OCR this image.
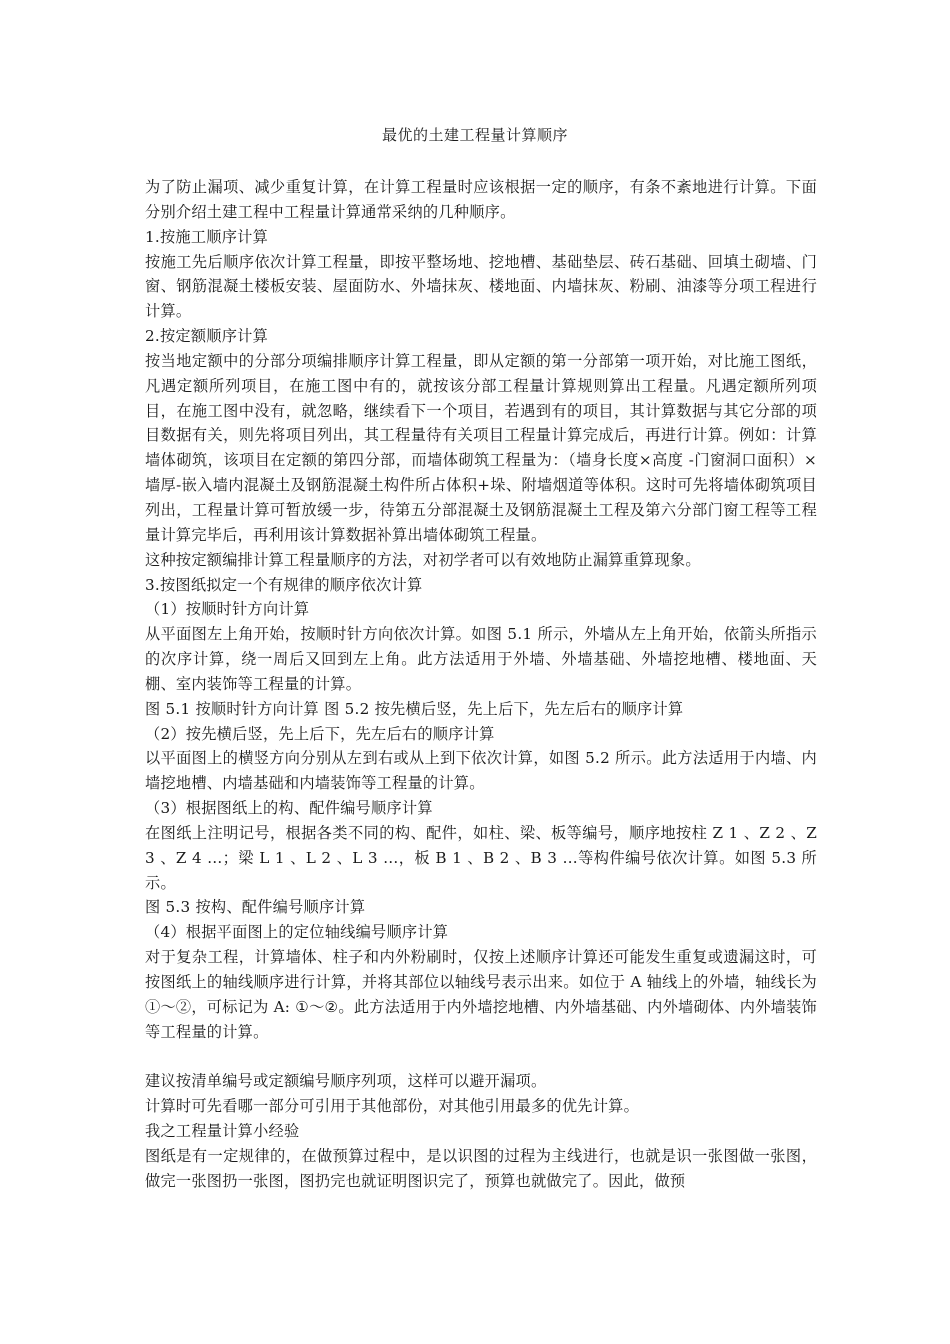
最优的土建工程量计算顺序

为了防止漏项、减少重复计算，在计算工程量时应该根据一定的顺序，有条不紊地进行计算。下面分别介绍土建工程中工程量计算通常采纳的几种顺序。

1.按施工顺序计算

按施工先后顺序依次计算工程量，即按平整场地、挖地槽、基础垫层、砖石基础、回填土砌墙、门窗、钢筋混凝土楼板安装、屋面防水、外墙抹灰、楼地面、内墙抹灰、粉刷、油漆等分项工程进行计算。

2.按定额顺序计算

按当地定额中的分部分项编排顺序计算工程量，即从定额的第一分部第一项开始，对比施工图纸，凡遇定额所列项目，在施工图中有的，就按该分部工程量计算规则算出工程量。凡遇定额所列项目，在施工图中没有，就忽略，继续看下一个项目，若遇到有的项目，其计算数据与其它分部的项目数据有关，则先将项目列出，其工程量待有关项目工程量计算完成后，再进行计算。例如：计算墙体砌筑，该项目在定额的第四分部，而墙体砌筑工程量为：（墙身长度×高度 -门窗洞口面积）×墙厚-嵌入墙内混凝土及钢筋混凝土构件所占体积+垛、附墙烟道等体积。这时可先将墙体砌筑项目列出，工程量计算可暂放缓一步，待第五分部混凝土及钢筋混凝土工程及第六分部门窗工程等工程量计算完毕后，再利用该计算数据补算出墙体砌筑工程量。

这种按定额编排计算工程量顺序的方法，对初学者可以有效地防止漏算重算现象。

3.按图纸拟定一个有规律的顺序依次计算

（1）按顺时针方向计算

从平面图左上角开始，按顺时针方向依次计算。如图 5.1 所示，外墙从左上角开始，依箭头所指示的次序计算，绕一周后又回到左上角。此方法适用于外墙、外墙基础、外墙挖地槽、楼地面、天棚、室内装饰等工程量的计算。

图 5.1 按顺时针方向计算 图 5.2 按先横后竖，先上后下，先左后右的顺序计算

（2）按先横后竖，先上后下，先左后右的顺序计算

以平面图上的横竖方向分别从左到右或从上到下依次计算，如图 5.2 所示。此方法适用于内墙、内墙挖地槽、内墙基础和内墙装饰等工程量的计算。

（3）根据图纸上的构、配件编号顺序计算

在图纸上注明记号，根据各类不同的构、配件，如柱、梁、板等编号，顺序地按柱 Z 1 、Z 2 、Z 3 、Z 4 …；梁 L 1 、L 2 、L 3 …，板 B 1 、B 2 、B 3 …等构件编号依次计算。如图 5.3 所示。

图 5.3 按构、配件编号顺序计算

（4）根据平面图上的定位轴线编号顺序计算

对于复杂工程，计算墙体、柱子和内外粉刷时，仅按上述顺序计算还可能发生重复或遗漏这时，可按图纸上的轴线顺序进行计算，并将其部位以轴线号表示出来。如位于 A 轴线上的外墙，轴线长为①～②，可标记为 A: ①～②。此方法适用于内外墙挖地槽、内外墙基础、内外墙砌体、内外墙装饰等工程量的计算。

建议按清单编号或定额编号顺序列项，这样可以避开漏项。

计算时可先看哪一部分可引用于其他部份，对其他引用最多的优先计算。

我之工程量计算小经验

图纸是有一定规律的，在做预算过程中，是以识图的过程为主线进行，也就是识一张图做一张图，做完一张图扔一张图，图扔完也就证明图识完了，预算也就做完了。因此，做预
